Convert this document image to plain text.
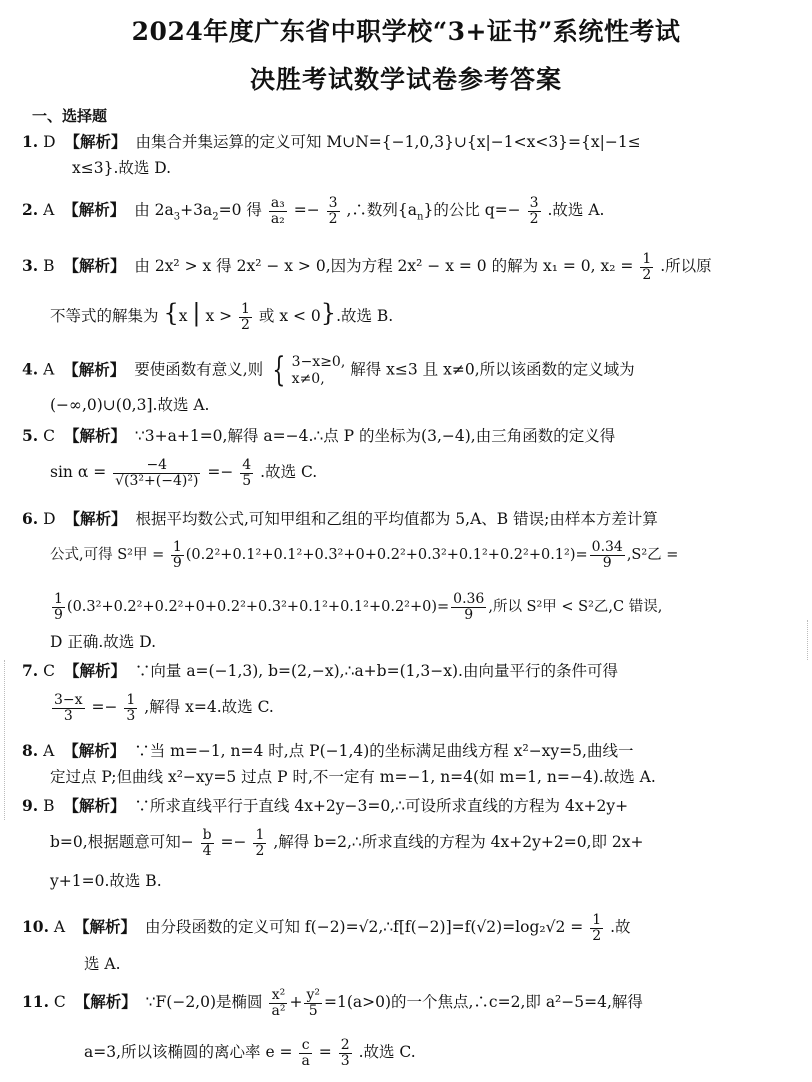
2024年度广东省中职学校“3+证书”系统性考试
决胜考试数学试卷参考答案
一、选择题
1. D 【解析】 由集合并集运算的定义可知 M∪N={−1,0,3}∪{x|−1<x<3}={x|−1≤
x≤3}.故选 D.
2. A 【解析】 由 $2a_3+3a_2=0$ 得 $\frac{\text{a₃}}{\text{a₂}} =- \frac{3}{2}$ ,∴数列$\{a_n\}$的公比 $q=- \frac{3}{2}$ .故选 A.
3. B 【解析】 由 2x² > x 得 2x² − x > 0,因为方程 2x² − x = 0 的解为 x₁ = 0, $x_2 = \frac{1}{2}$ .所以原
不等式的解集为 {x | $x > \frac{1}{2}$ 或 x < 0}.故选 B.
4. A 【解析】 要使函数有意义,则 { 3−x≥0,
x≠0,	解得 x≤3 且 x≠0,所以该函数的定义域为
(−∞,0)∪(0,3].故选 A.
5. C 【解析】 ∵3+a+1=0,解得 a=−4.∴点 P 的坐标为(3,−4),由三角函数的定义得
$\sin \alpha = \frac{-4}{\text{√(3²+(−4)²)}} =- \frac{4}{5}$ .故选 C.
6. D 【解析】 根据平均数公式,可知甲组和乙组的平均值都为 5,A、B 错误;由样本方差计算
公式,可得 S²甲 = $\frac{1}{9} (0.2^2+0.1^2+0.1^2+0.3^2+0+0.2^2+0.3^2+0.1^2+0.2^2+0.1^2)= \frac{0.34}{9} ,S^2$乙 =
$\frac{1}{9} (0.3^2+0.2^2+0.2^2+0+0.2^2+0.3^2+0.1^2+0.1^2+0.2^2+0)= \frac{0.36}{9}$ ,所以 S²甲 < S²乙,C 错误,
D 正确.故选 D.
7. C 【解析】 ∵向量 a=(−1,3), b=(2,−x),∴a+b=(1,3−x).由向量平行的条件可得
$\frac{3-x}{3} =- \frac{1}{3}$ ,解得 x=4.故选 C.
8. A 【解析】 ∵当 m=−1, n=4 时,点 P(−1,4)的坐标满足曲线方程 x²−xy=5,曲线一
定过点 P;但曲线 x²−xy=5 过点 P 时,不一定有 m=−1, n=4(如 m=1, n=−4).故选 A.
9. B 【解析】 ∵所求直线平行于直线 4x+2y−3=0,∴可设所求直线的方程为 4x+2y+
b=0,根据题意可知− $\frac{b}{4} =- \frac{1}{2}$ ,解得 b=2,∴所求直线的方程为 4x+2y+2=0,即 2x+
y+1=0.故选 B.
10. A 【解析】 由分段函数的定义可知 f(−2)=√2,∴f[f(−2)]=f(√2)=log₂√2 = $\frac{1}{2}$ .故
选 A.
11. C 【解析】 ∵F(−2,0)是椭圆 $\frac{\text{x²}}{\text{a²}} + \frac{\text{y²}}{5} =1(a>0)$的一个焦点,∴c=2,即 a²−5=4,解得
a=3,所以该椭圆的离心率 $e = \frac{c}{a} = \frac{2}{3}$ .故选 C.
